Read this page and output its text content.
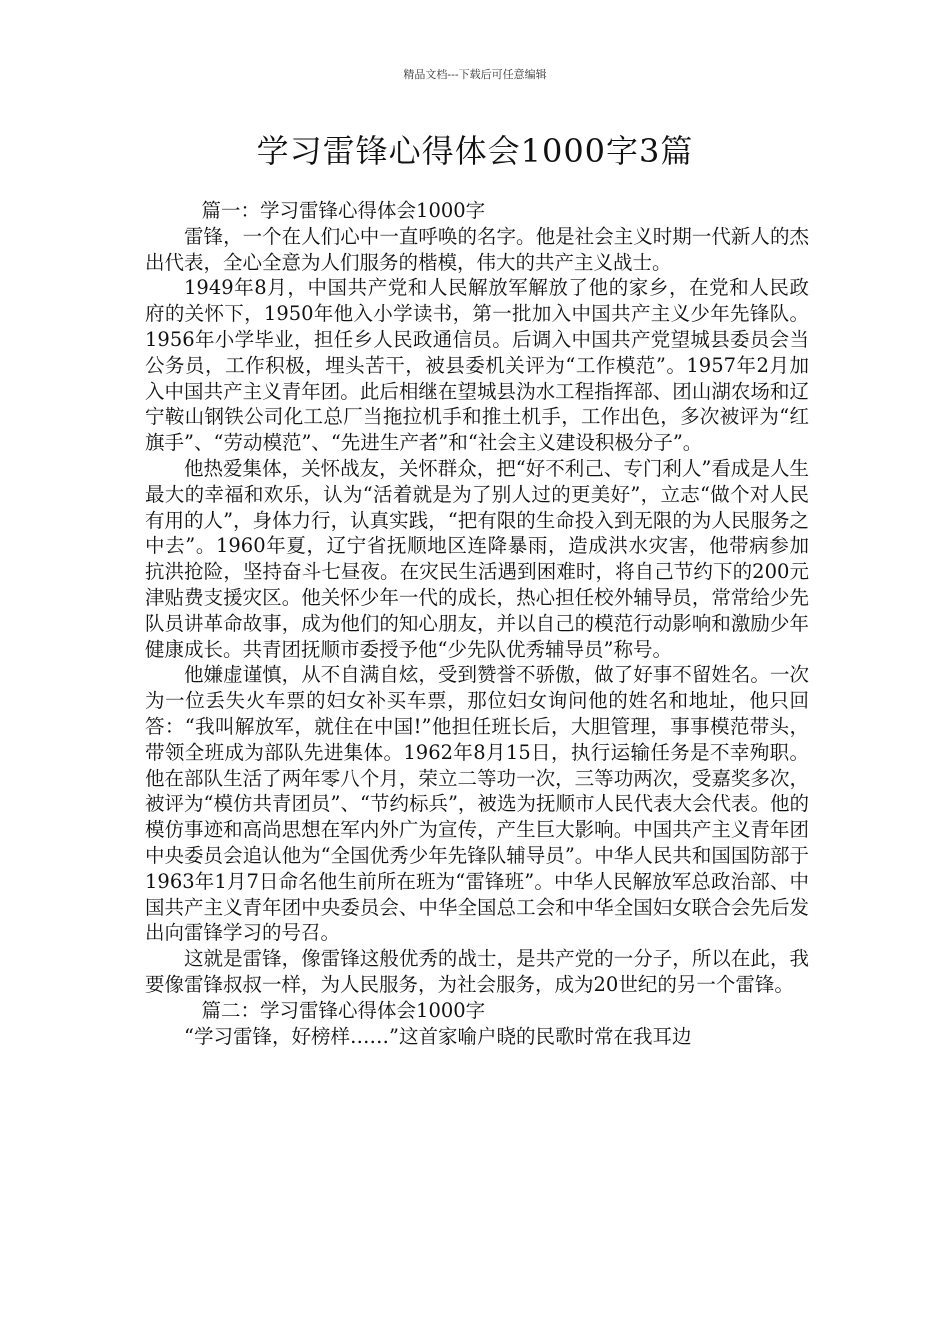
精品文档---下载后可任意编辑
学习雷锋心得体会1000字3篇

篇一：学习雷锋心得体会1000字

雷锋，一个在人们心中一直呼唤的名字。他是社会主义时期一代新人的杰出代表，全心全意为人们服务的楷模，伟大的共产主义战士。

1949年8月，中国共产党和人民解放军解放了他的家乡，在党和人民政府的关怀下，1950年他入小学读书，第一批加入中国共产主义少年先锋队。1956年小学毕业，担任乡人民政通信员。后调入中国共产党望城县委员会当公务员，工作积极，埋头苦干，被县委机关评为“工作模范”。1957年2月加入中国共产主义青年团。此后相继在望城县沩水工程指挥部、团山湖农场和辽宁鞍山钢铁公司化工总厂当拖拉机手和推土机手，工作出色，多次被评为“红旗手”、“劳动模范”、“先进生产者”和“社会主义建设积极分子”。

他热爱集体，关怀战友，关怀群众，把“好不利己、专门利人”看成是人生最大的幸福和欢乐，认为“活着就是为了别人过的更美好”，立志“做个对人民有用的人”，身体力行，认真实践，“把有限的生命投入到无限的为人民服务之中去”。1960年夏，辽宁省抚顺地区连降暴雨，造成洪水灾害，他带病参加抗洪抢险，坚持奋斗七昼夜。在灾民生活遇到困难时，将自己节约下的200元津贴费支援灾区。他关怀少年一代的成长，热心担任校外辅导员，常常给少先队员讲革命故事，成为他们的知心朋友，并以自己的模范行动影响和激励少年健康成长。共青团抚顺市委授予他“少先队优秀辅导员”称号。

他嫌虚谨慎，从不自满自炫，受到赞誉不骄傲，做了好事不留姓名。一次为一位丢失火车票的妇女补买车票，那位妇女询问他的姓名和地址，他只回答：“我叫解放军，就住在中国!”他担任班长后，大胆管理，事事模范带头，带领全班成为部队先进集体。1962年8月15日，执行运输任务是不幸殉职。他在部队生活了两年零八个月，荣立二等功一次，三等功两次，受嘉奖多次，被评为“模仿共青团员”、“节约标兵”，被选为抚顺市人民代表大会代表。他的模仿事迹和高尚思想在军内外广为宣传，产生巨大影响。中国共产主义青年团中央委员会追认他为“全国优秀少年先锋队辅导员”。中华人民共和国国防部于1963年1月7日命名他生前所在班为“雷锋班”。中华人民解放军总政治部、中国共产主义青年团中央委员会、中华全国总工会和中华全国妇女联合会先后发出向雷锋学习的号召。

这就是雷锋，像雷锋这般优秀的战士，是共产党的一分子，所以在此，我要像雷锋叔叔一样，为人民服务，为社会服务，成为20世纪的另一个雷锋。

篇二：学习雷锋心得体会1000字

“学习雷锋，好榜样……”这首家喻户晓的民歌时常在我耳边
